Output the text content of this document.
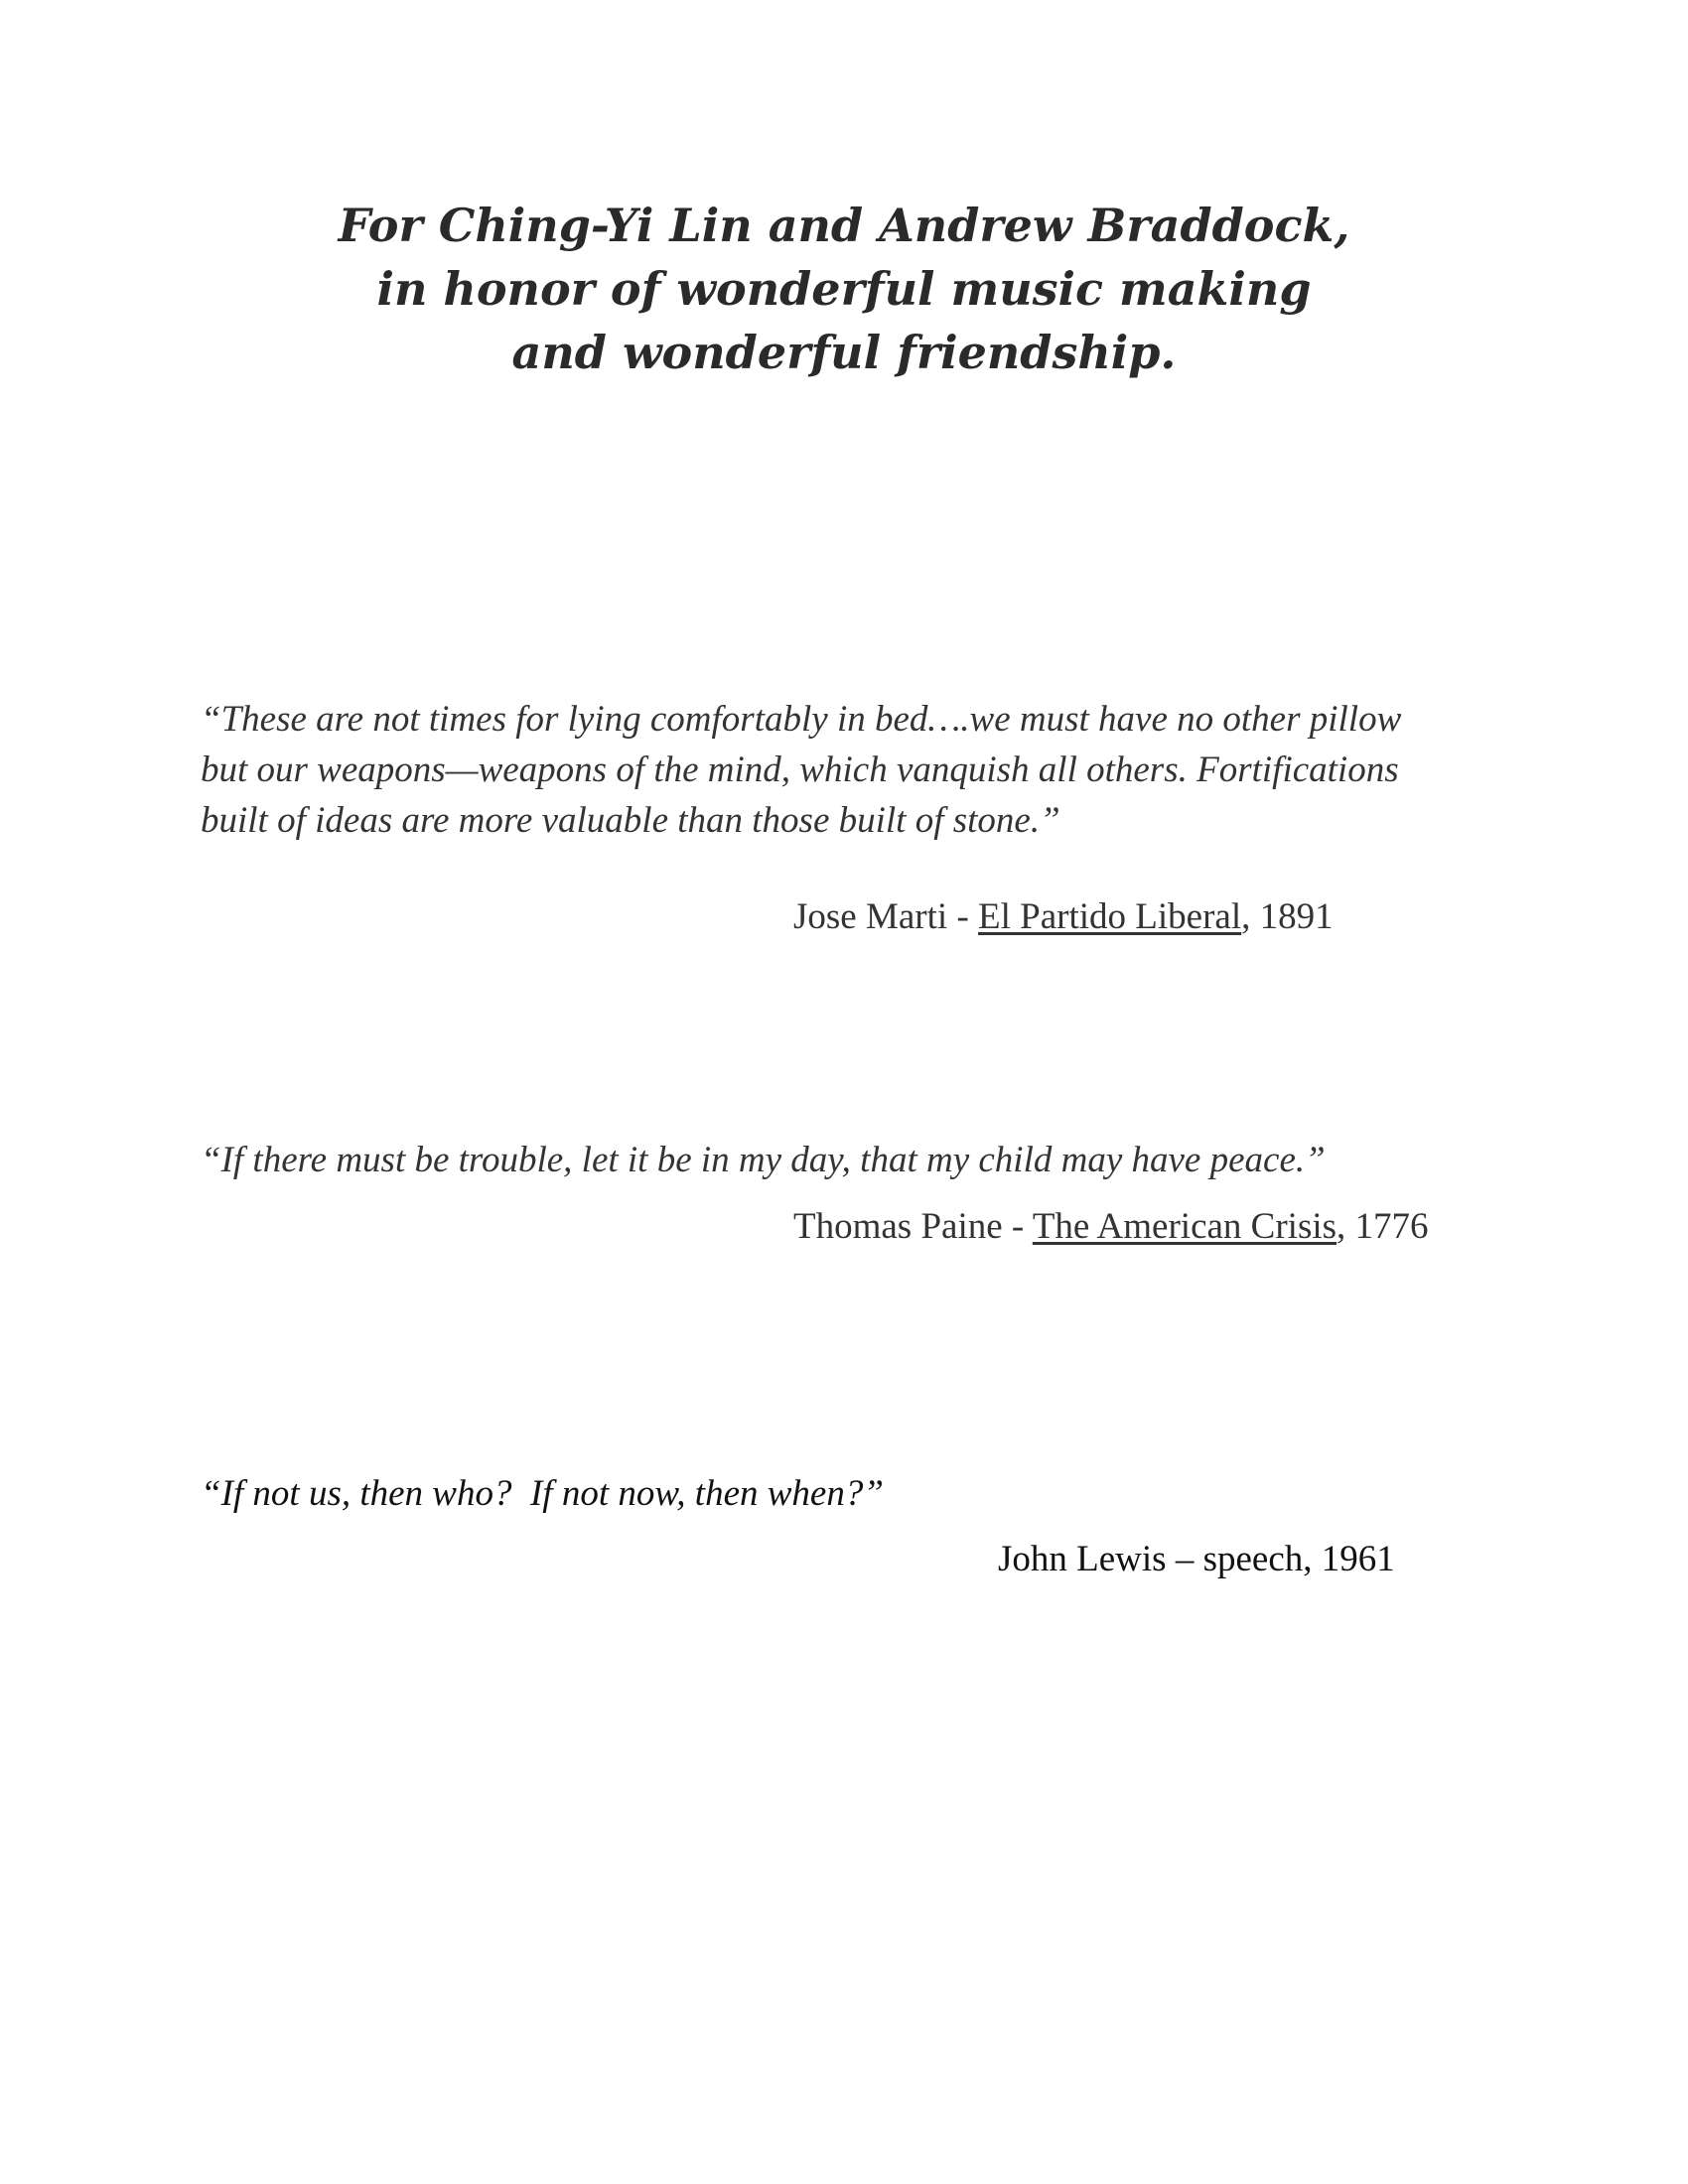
For Ching-Yi Lin and Andrew Braddock,
in honor of wonderful music making
and wonderful friendship.
“These are not times for lying comfortably in bed….we must have no other pillow
but our weapons—weapons of the mind, which vanquish all others. Fortifications
built of ideas are more valuable than those built of stone.”
Jose Marti - El Partido Liberal, 1891
“If there must be trouble, let it be in my day, that my child may have peace.”
Thomas Paine - The American Crisis, 1776
“If not us, then who?  If not now, then when?”
John Lewis – speech, 1961
